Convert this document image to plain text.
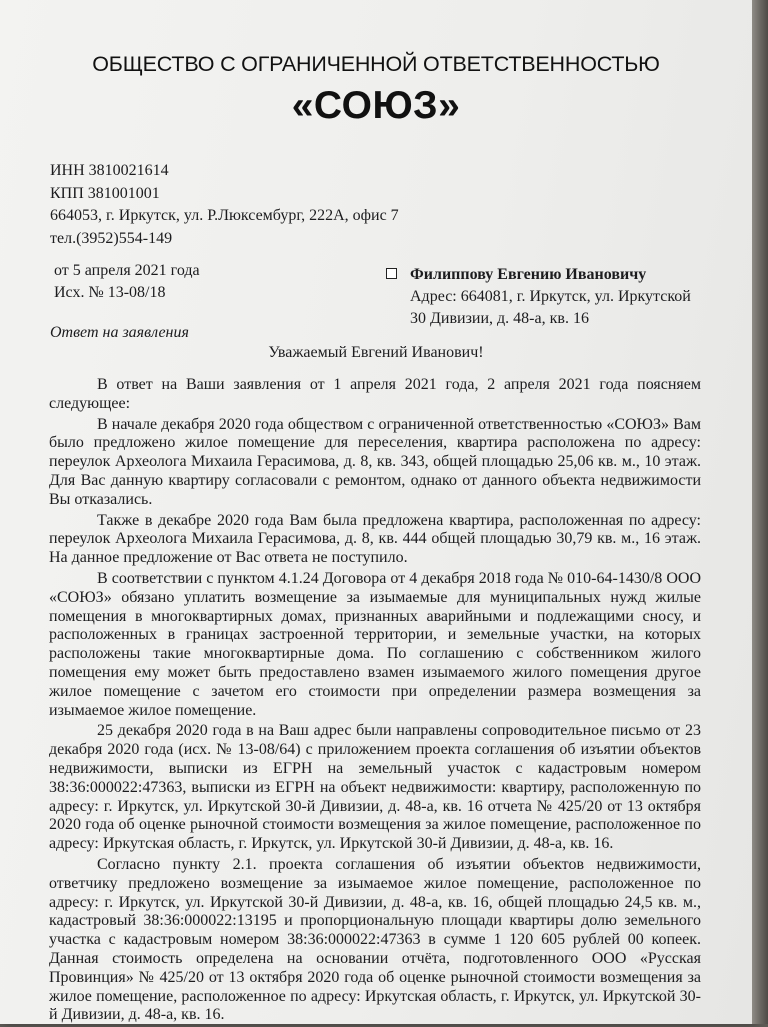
ОБЩЕСТВО С ОГРАНИЧЕННОЙ ОТВЕТСТВЕННОСТЬЮ
«СОЮЗ»
ИНН 3810021614
КПП 381001001
664053, г. Иркутск, ул. Р.Люксембург, 222А, офис 7
тел.(3952)554-149
от 5 апреля 2021 года
Исх. № 13-08/18
Филиппову Евгению Ивановичу
Адрес: 664081, г. Иркутск, ул. Иркутской 30 Дивизии, д. 48-а, кв. 16
Ответ на заявления
Уважаемый Евгений Иванович!

В ответ на Ваши заявления от 1 апреля 2021 года, 2 апреля 2021 года поясняем следующее:

В начале декабря 2020 года обществом с ограниченной ответственностью «СОЮЗ» Вам было предложено жилое помещение для переселения, квартира расположена по адресу: переулок Археолога Михаила Герасимова, д. 8, кв. 343, общей площадью 25,06 кв. м., 10 этаж. Для Вас данную квартиру согласовали с ремонтом, однако от данного объекта недвижимости Вы отказались.

Также в декабре 2020 года Вам была предложена квартира, расположенная по адресу: переулок Археолога Михаила Герасимова, д. 8, кв. 444 общей площадью 30,79 кв. м., 16 этаж. На данное предложение от Вас ответа не поступило.

В соответствии с пунктом 4.1.24 Договора от 4 декабря 2018 года № 010-64-1430/8 ООО «СОЮЗ» обязано уплатить возмещение за изымаемые для муниципальных нужд жилые помещения в многоквартирных домах, признанных аварийными и подлежащими сносу, и расположенных в границах застроенной территории, и земельные участки, на которых расположены такие многоквартирные дома. По соглашению с собственником жилого помещения ему может быть предоставлено взамен изымаемого жилого помещения другое жилое помещение с зачетом его стоимости при определении размера возмещения за изымаемое жилое помещение.

25 декабря 2020 года в на Ваш адрес были направлены сопроводительное письмо от 23 декабря 2020 года (исх. № 13-08/64) с приложением проекта соглашения об изъятии объектов недвижимости, выписки из ЕГРН на земельный участок с кадастровым номером 38:36:000022:47363, выписки из ЕГРН на объект недвижимости: квартиру, расположенную по адресу: г. Иркутск, ул. Иркутской 30-й Дивизии, д. 48-а, кв. 16 отчета № 425/20 от 13 октября 2020 года об оценке рыночной стоимости возмещения за жилое помещение, расположенное по адресу: Иркутская область, г. Иркутск, ул. Иркутской 30-й Дивизии, д. 48-а, кв. 16.

Согласно пункту 2.1. проекта соглашения об изъятии объектов недвижимости, ответчику предложено возмещение за изымаемое жилое помещение, расположенное по адресу: г. Иркутск, ул. Иркутской 30-й Дивизии, д. 48-а, кв. 16, общей площадью 24,5 кв. м., кадастровый 38:36:000022:13195 и пропорциональную площади квартиры долю земельного участка с кадастровым номером 38:36:000022:47363 в сумме 1 120 605 рублей 00 копеек. Данная стоимость определена на основании отчёта, подготовленного ООО «Русская Провинция» № 425/20 от 13 октября 2020 года об оценке рыночной стоимости возмещения за жилое помещение, расположенное по адресу: Иркутская область, г. Иркутск, ул. Иркутской 30-й Дивизии, д. 48-а, кв. 16.
